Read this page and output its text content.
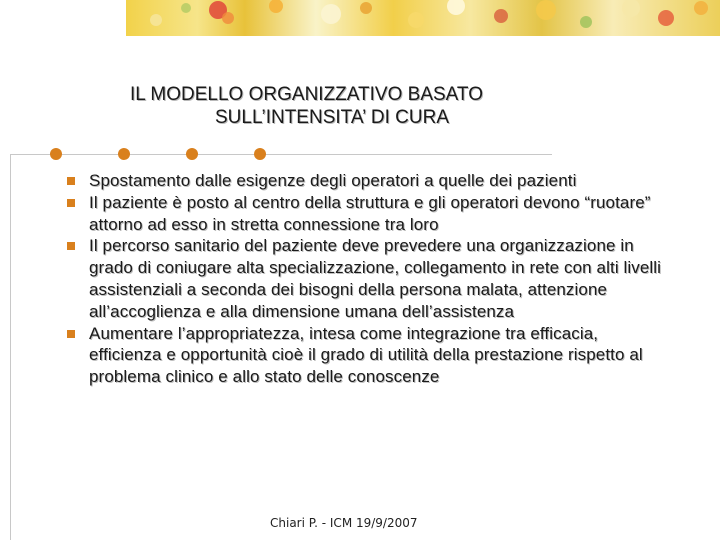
IL MODELLO ORGANIZZATIVO BASATO
SULL’INTENSITA’ DI CURA
Spostamento dalle esigenze degli operatori a quelle dei pazienti
Il paziente è posto al centro della struttura e gli operatori devono “ruotare” attorno ad esso in stretta connessione tra loro
Il percorso sanitario del paziente deve prevedere una organizzazione in grado di coniugare alta specializzazione, collegamento in rete con alti livelli assistenziali a seconda dei bisogni della persona malata, attenzione all’accoglienza e alla dimensione umana dell’assistenza
Aumentare l’appropriatezza, intesa come integrazione tra efficacia, efficienza e opportunità cioè il grado di utilità della prestazione rispetto al problema clinico e allo stato delle conoscenze
Chiari P. - ICM 19/9/2007
